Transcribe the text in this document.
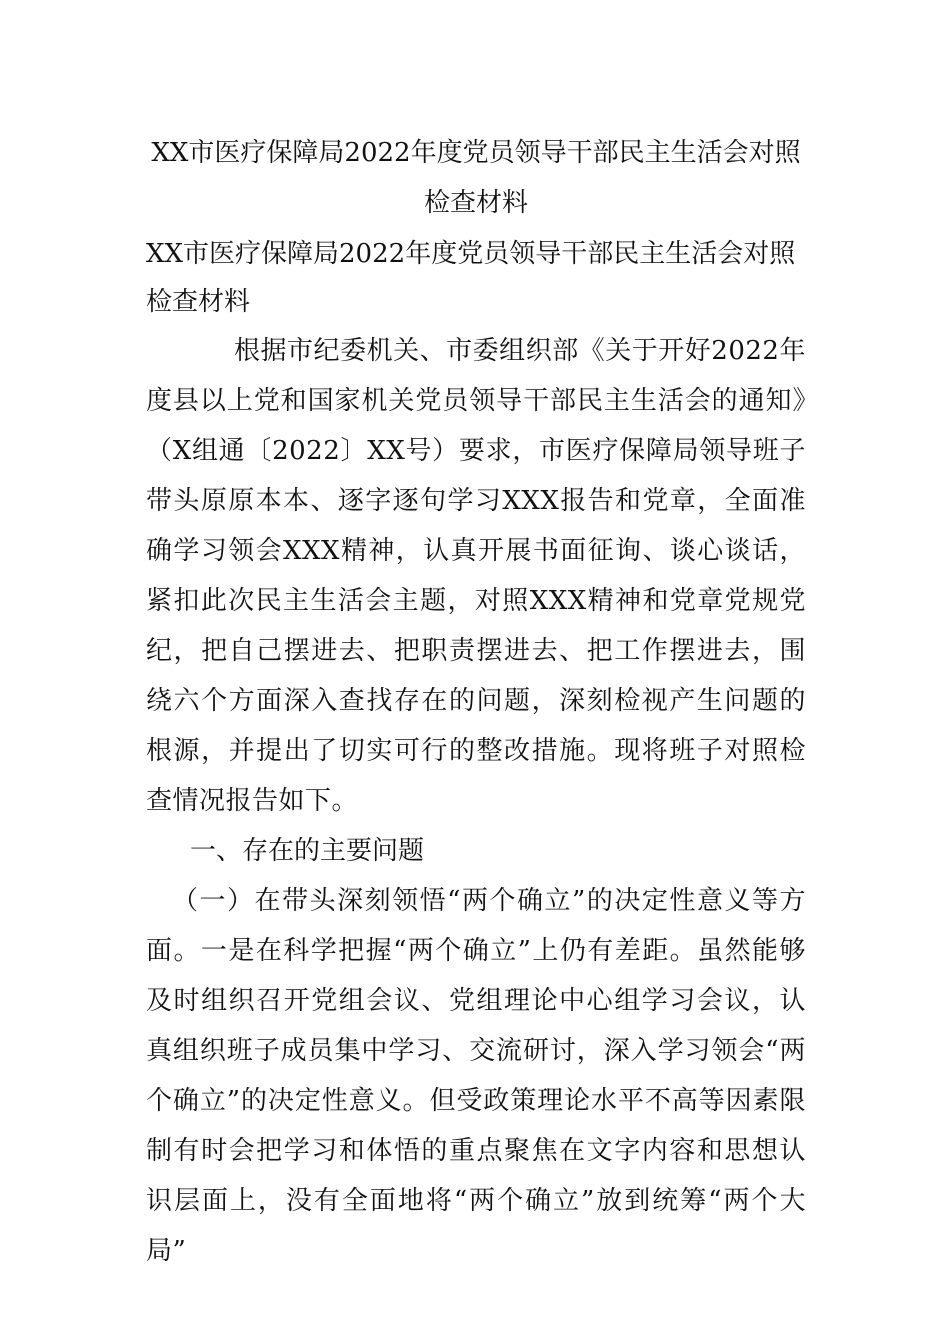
XX市医疗保障局2022年度党员领导干部民主生活会对照
检查材料

XX市医疗保障局2022年度党员领导干部民主生活会对照检查材料

根据市纪委机关、市委组织部《关于开好2022年度县以上党和国家机关党员领导干部民主生活会的通知》（X组通〔2022〕XX号）要求，市医疗保障局领导班子带头原原本本、逐字逐句学习XXX报告和党章，全面准确学习领会XXX精神，认真开展书面征询、谈心谈话，紧扣此次民主生活会主题，对照XXX精神和党章党规党纪，把自己摆进去、把职责摆进去、把工作摆进去，围绕六个方面深入查找存在的问题，深刻检视产生问题的根源，并提出了切实可行的整改措施。现将班子对照检查情况报告如下。

一、存在的主要问题

（一）在带头深刻领悟“两个确立”的决定性意义等方面。一是在科学把握“两个确立”上仍有差距。虽然能够及时组织召开党组会议、党组理论中心组学习会议，认真组织班子成员集中学习、交流研讨，深入学习领会“两个确立”的决定性意义。但受政策理论水平不高等因素限制有时会把学习和体悟的重点聚焦在文字内容和思想认识层面上，没有全面地将“两个确立”放到统筹“两个大局”
